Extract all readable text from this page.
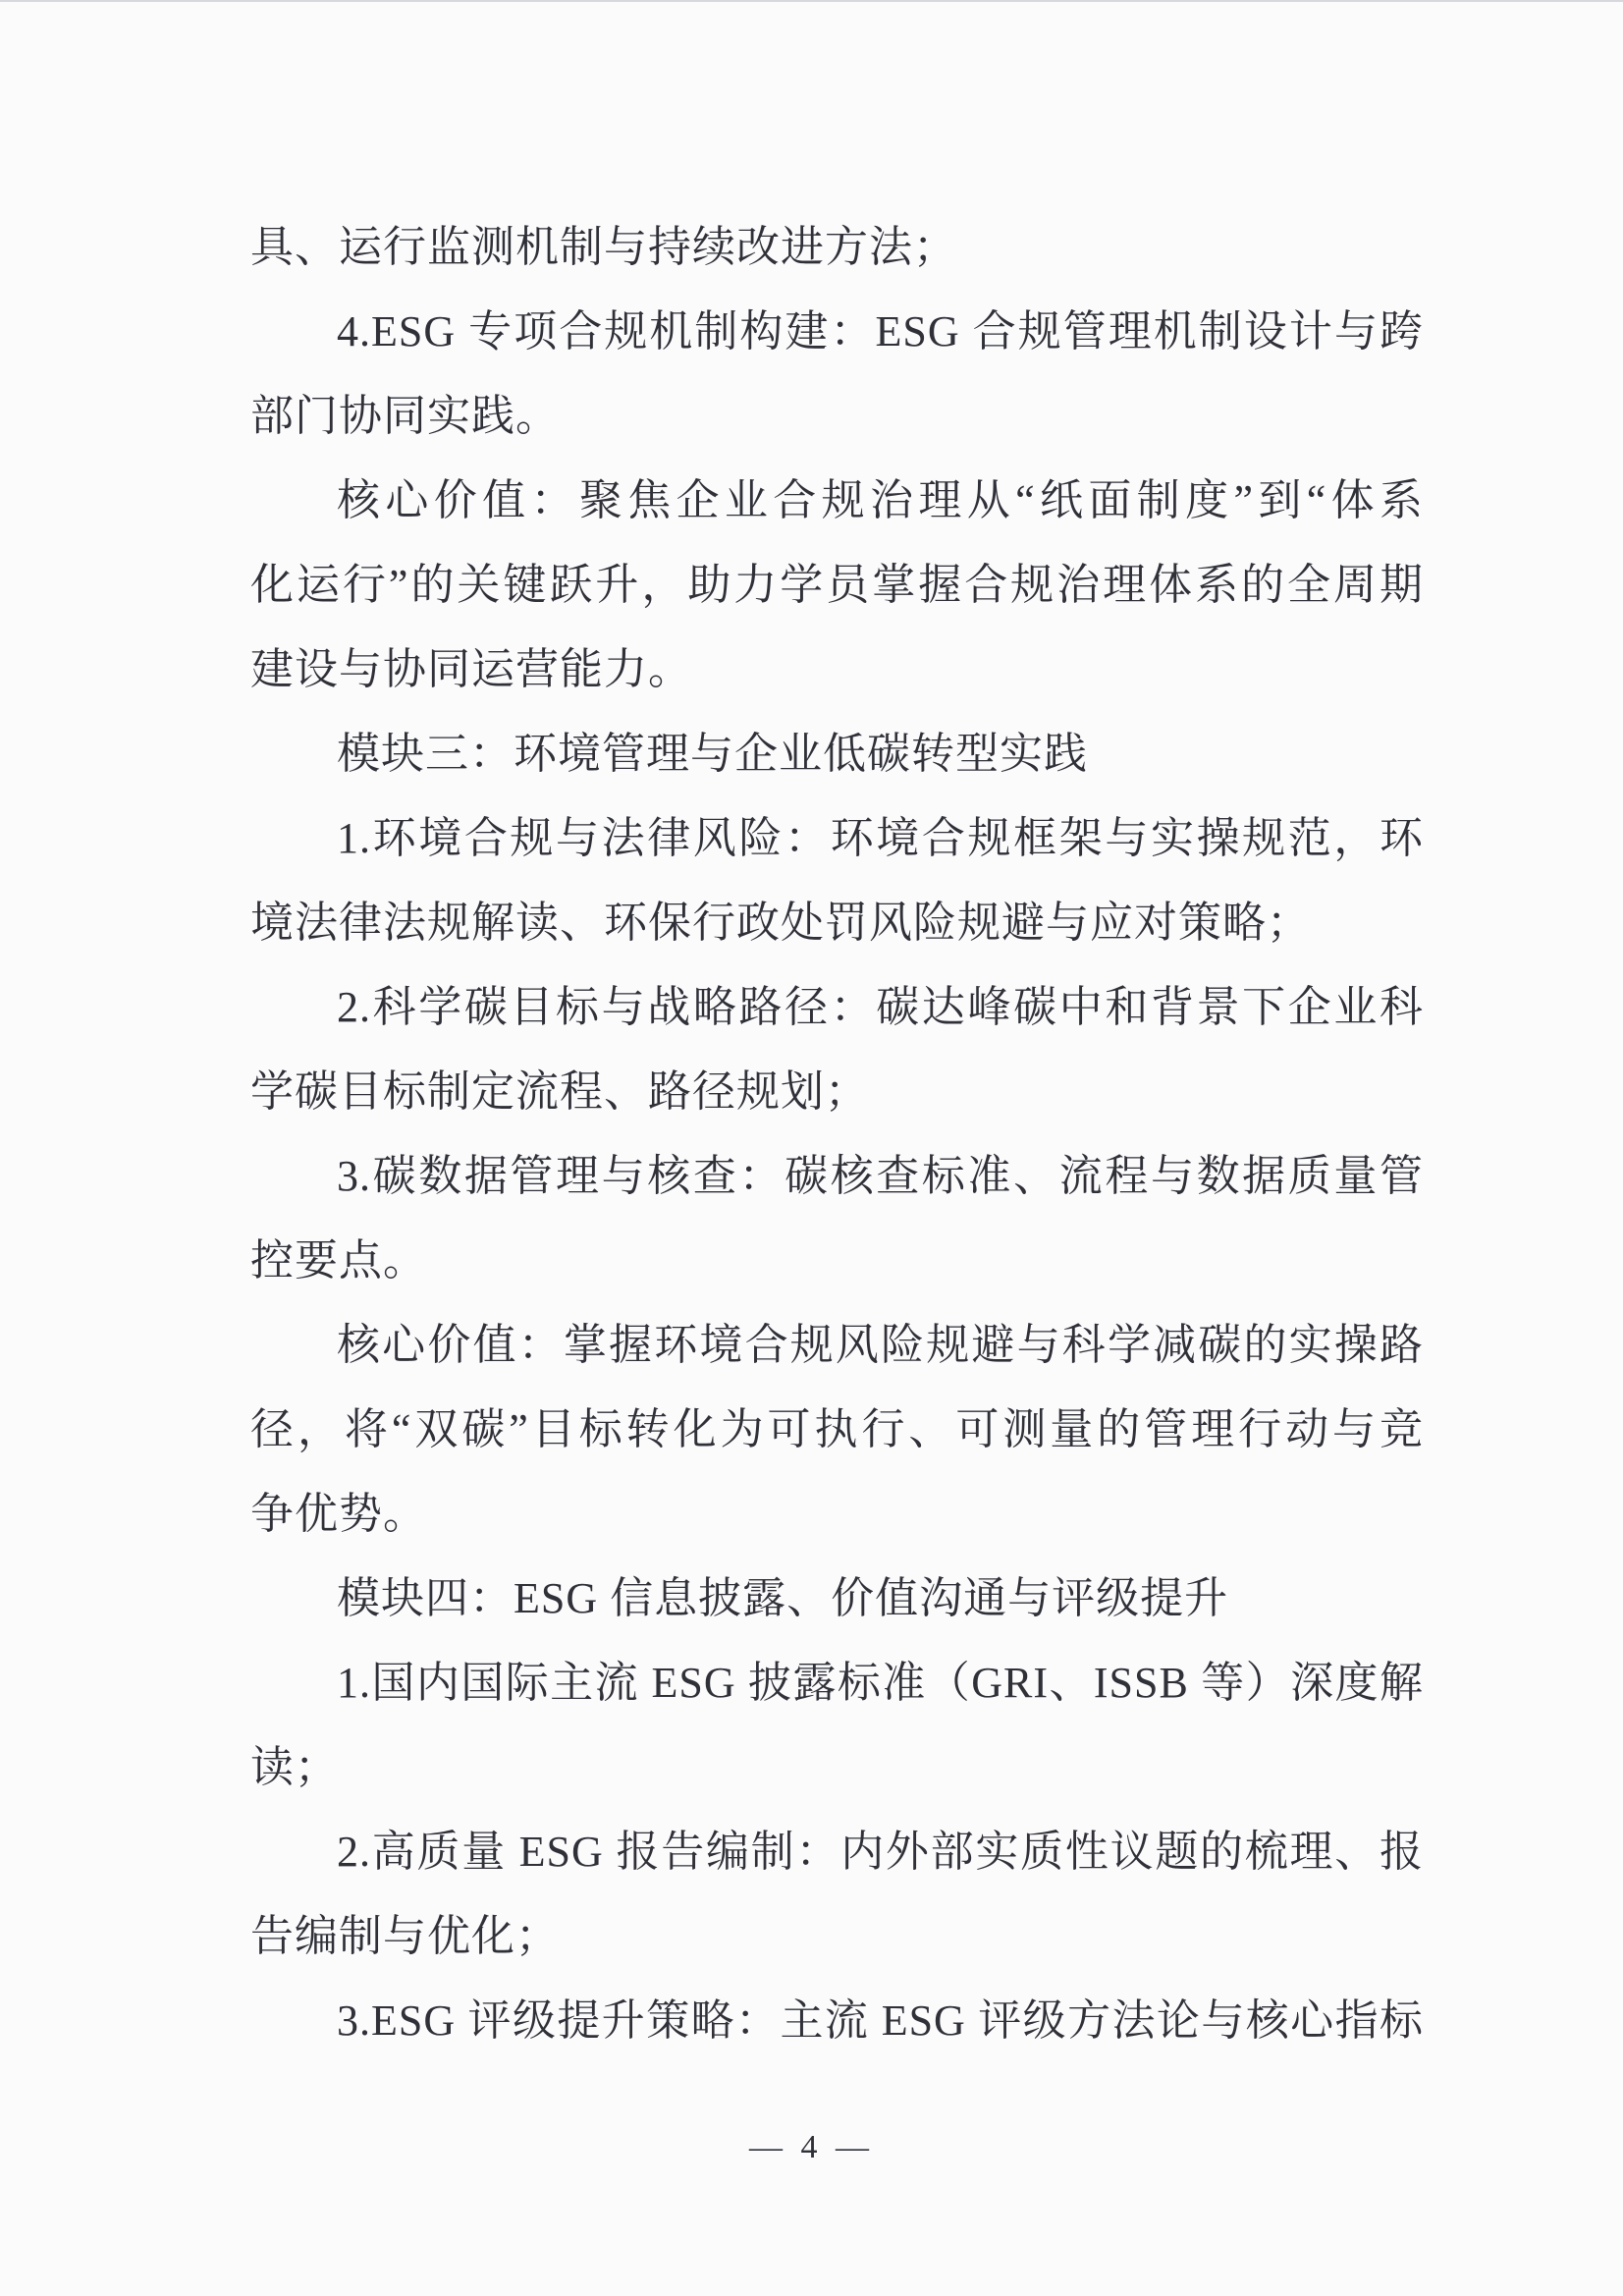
具、运行监测机制与持续改进方法；

4.ESG 专项合规机制构建：ESG 合规管理机制设计与跨

部门协同实践。

核心价值：聚焦企业合规治理从“纸面制度”到“体系

化运行”的关键跃升，助力学员掌握合规治理体系的全周期

建设与协同运营能力。

模块三：环境管理与企业低碳转型实践

1.环境合规与法律风险：环境合规框架与实操规范，环

境法律法规解读、环保行政处罚风险规避与应对策略；

2.科学碳目标与战略路径：碳达峰碳中和背景下企业科

学碳目标制定流程、路径规划；

3.碳数据管理与核查：碳核查标准、流程与数据质量管

控要点。

核心价值：掌握环境合规风险规避与科学减碳的实操路

径，将“双碳”目标转化为可执行、可测量的管理行动与竞

争优势。

模块四：ESG 信息披露、价值沟通与评级提升

1.国内国际主流 ESG 披露标准（GRI、ISSB 等）深度解

读；

2.高质量 ESG 报告编制：内外部实质性议题的梳理、报

告编制与优化；

3.ESG 评级提升策略：主流 ESG 评级方法论与核心指标

— 4 —
